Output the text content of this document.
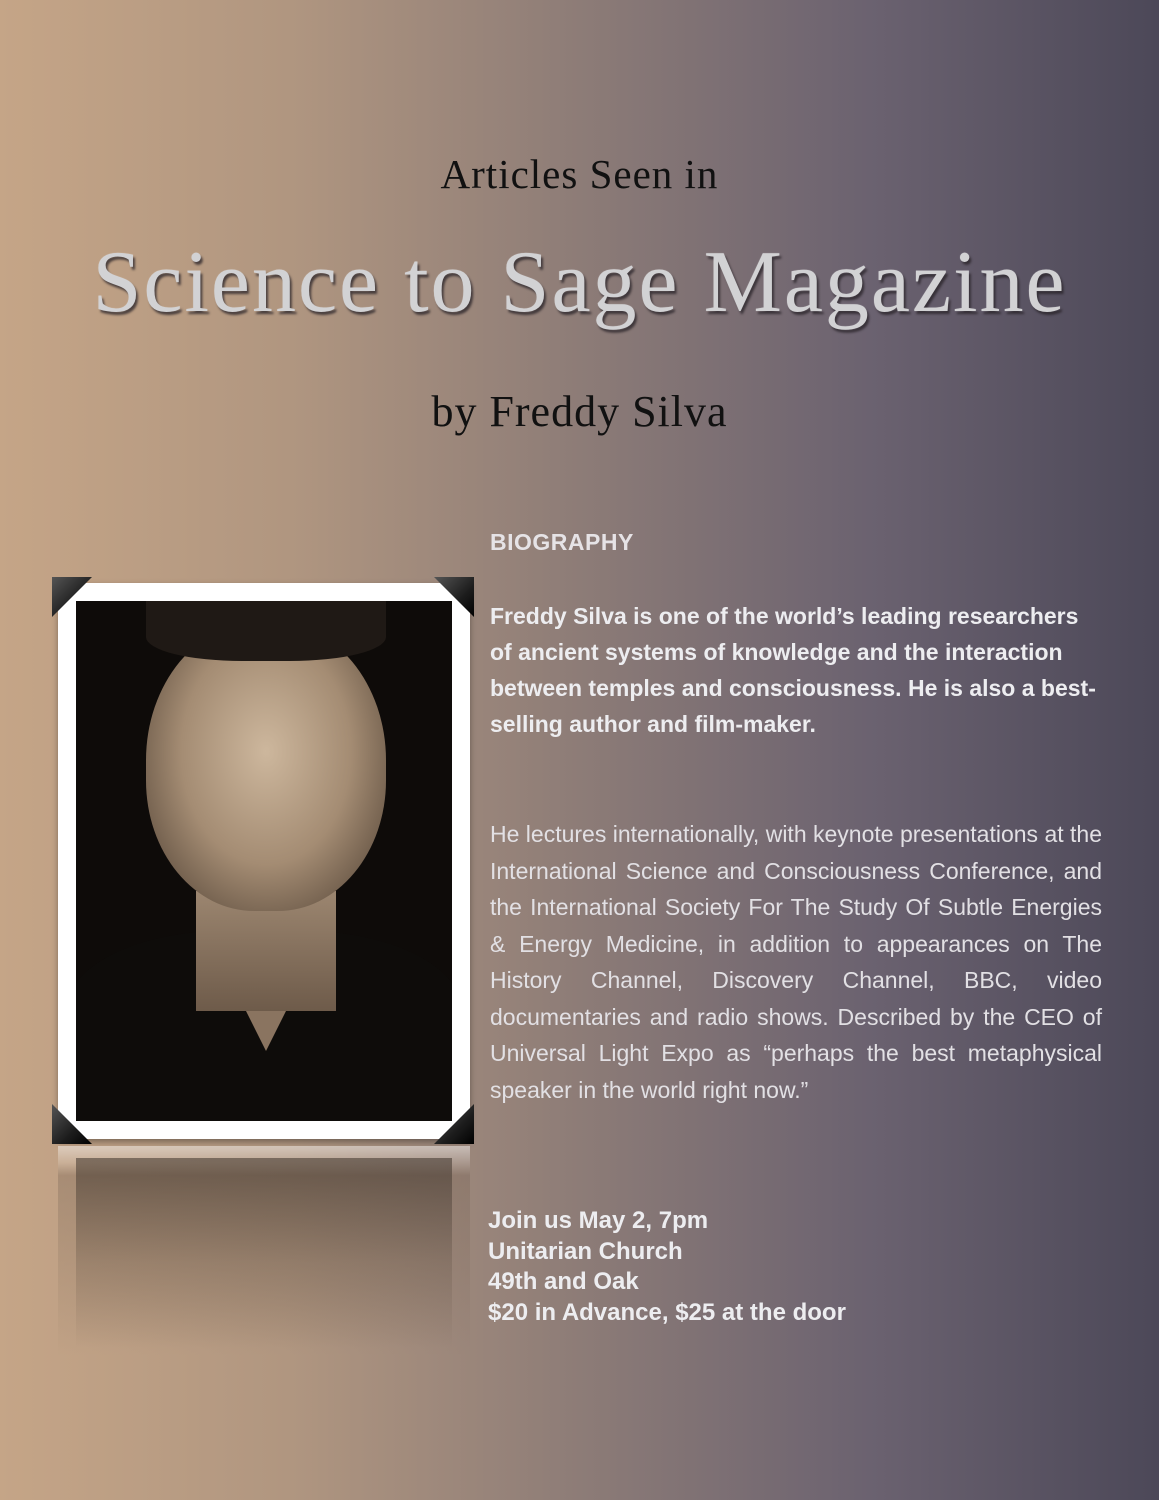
Articles Seen in
Science to Sage Magazine
by Freddy Silva
BIOGRAPHY

Freddy Silva is one of the world’s leading researchers of ancient systems of knowledge and the interaction between temples and consciousness. He is also a best-selling author and film-maker.

He lectures internationally, with keynote presentations at the International Science and Consciousness Conference, and the International Society For The Study Of Subtle Energies & Energy Medicine, in addition to appearances on The History Channel, Discovery Channel, BBC, video documentaries and radio shows. Described by the CEO of Universal Light Expo as “perhaps the best metaphysical speaker in the world right now.”

Join us May 2, 7pm
Unitarian Church
49th and Oak
$20 in Advance, $25 at the door
